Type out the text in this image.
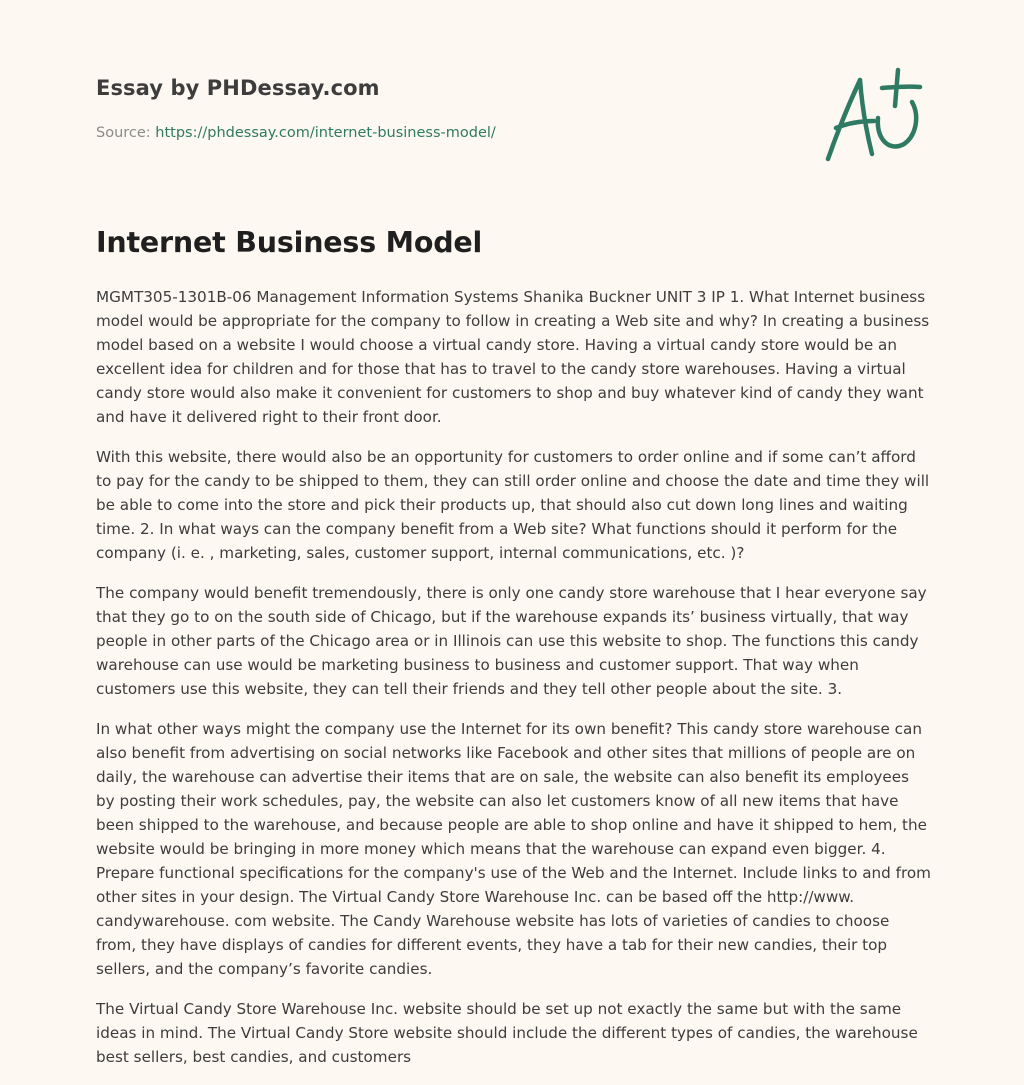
Essay by PHDessay.com
Source: https://phdessay.com/internet-business-model/
Internet Business Model

MGMT305-1301B-06 Management Information Systems Shanika Buckner UNIT 3 IP 1. What Internet business model would be appropriate for the company to follow in creating a Web site and why? In creating a business model based on a website I would choose a virtual candy store. Having a virtual candy store would be an excellent idea for children and for those that has to travel to the candy store warehouses. Having a virtual candy store would also make it convenient for customers to shop and buy whatever kind of candy they want and have it delivered right to their front door.

With this website, there would also be an opportunity for customers to order online and if some can’t afford to pay for the candy to be shipped to them, they can still order online and choose the date and time they will be able to come into the store and pick their products up, that should also cut down long lines and waiting time. 2. In what ways can the company benefit from a Web site? What functions should it perform for the company (i. e. , marketing, sales, customer support, internal communications, etc. )?

The company would benefit tremendously, there is only one candy store warehouse that I hear everyone say that they go to on the south side of Chicago, but if the warehouse expands its’ business virtually, that way people in other parts of the Chicago area or in Illinois can use this website to shop. The functions this candy warehouse can use would be marketing business to business and customer support. That way when customers use this website, they can tell their friends and they tell other people about the site. 3.

In what other ways might the company use the Internet for its own benefit? This candy store warehouse can also benefit from advertising on social networks like Facebook and other sites that millions of people are on daily, the warehouse can advertise their items that are on sale, the website can also benefit its employees by posting their work schedules, pay, the website can also let customers know of all new items that have been shipped to the warehouse, and because people are able to shop online and have it shipped to hem, the website would be bringing in more money which means that the warehouse can expand even bigger. 4. Prepare functional specifications for the company's use of the Web and the Internet. Include links to and from other sites in your design. The Virtual Candy Store Warehouse Inc. can be based off the http://www. candywarehouse. com website. The Candy Warehouse website has lots of varieties of candies to choose from, they have displays of candies for different events, they have a tab for their new candies, their top sellers, and the company’s favorite candies.

The Virtual Candy Store Warehouse Inc. website should be set up not exactly the same but with the same ideas in mind. The Virtual Candy Store website should include the different types of candies, the warehouse best sellers, best candies, and customers
